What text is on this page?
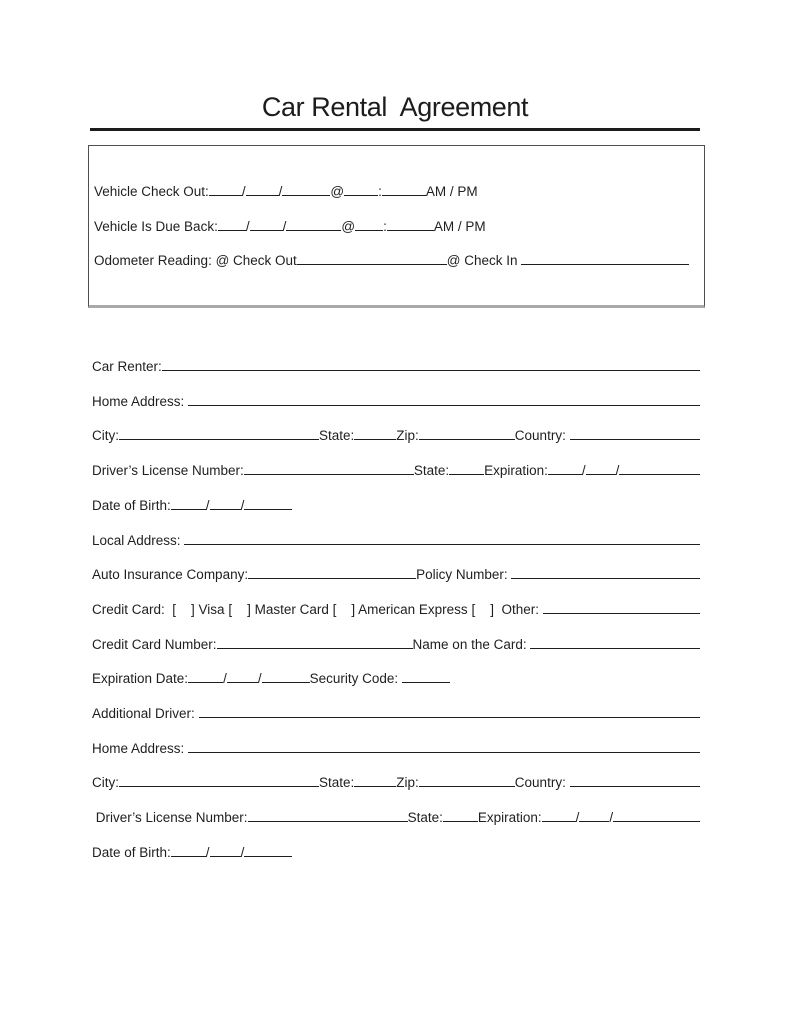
Car Rental  Agreement
Vehicle Check Out: / /	@	:	AM / PM
Vehicle Is Due Back: / /	@ :	AM / PM
Odometer Reading: @ Check Out	@ Check In
Car Renter:
Home Address:
City:	State:	Zip:	Country:
Driver’s License Number:	State:	Expiration:	/ /
Date of Birth:	/ /
Local Address:
Auto Insurance Company:	Policy Number:
Credit Card: [    ] Visa [    ] Master Card [    ] American Express [    ] Other:
Credit Card Number:	Name on the Card:
Expiration Date:	/ /	Security Code:
Additional Driver:
Home Address:
City:	State:	Zip:	Country:
Driver’s License Number:	State:	Expiration:	/ /
Date of Birth:	/ /
